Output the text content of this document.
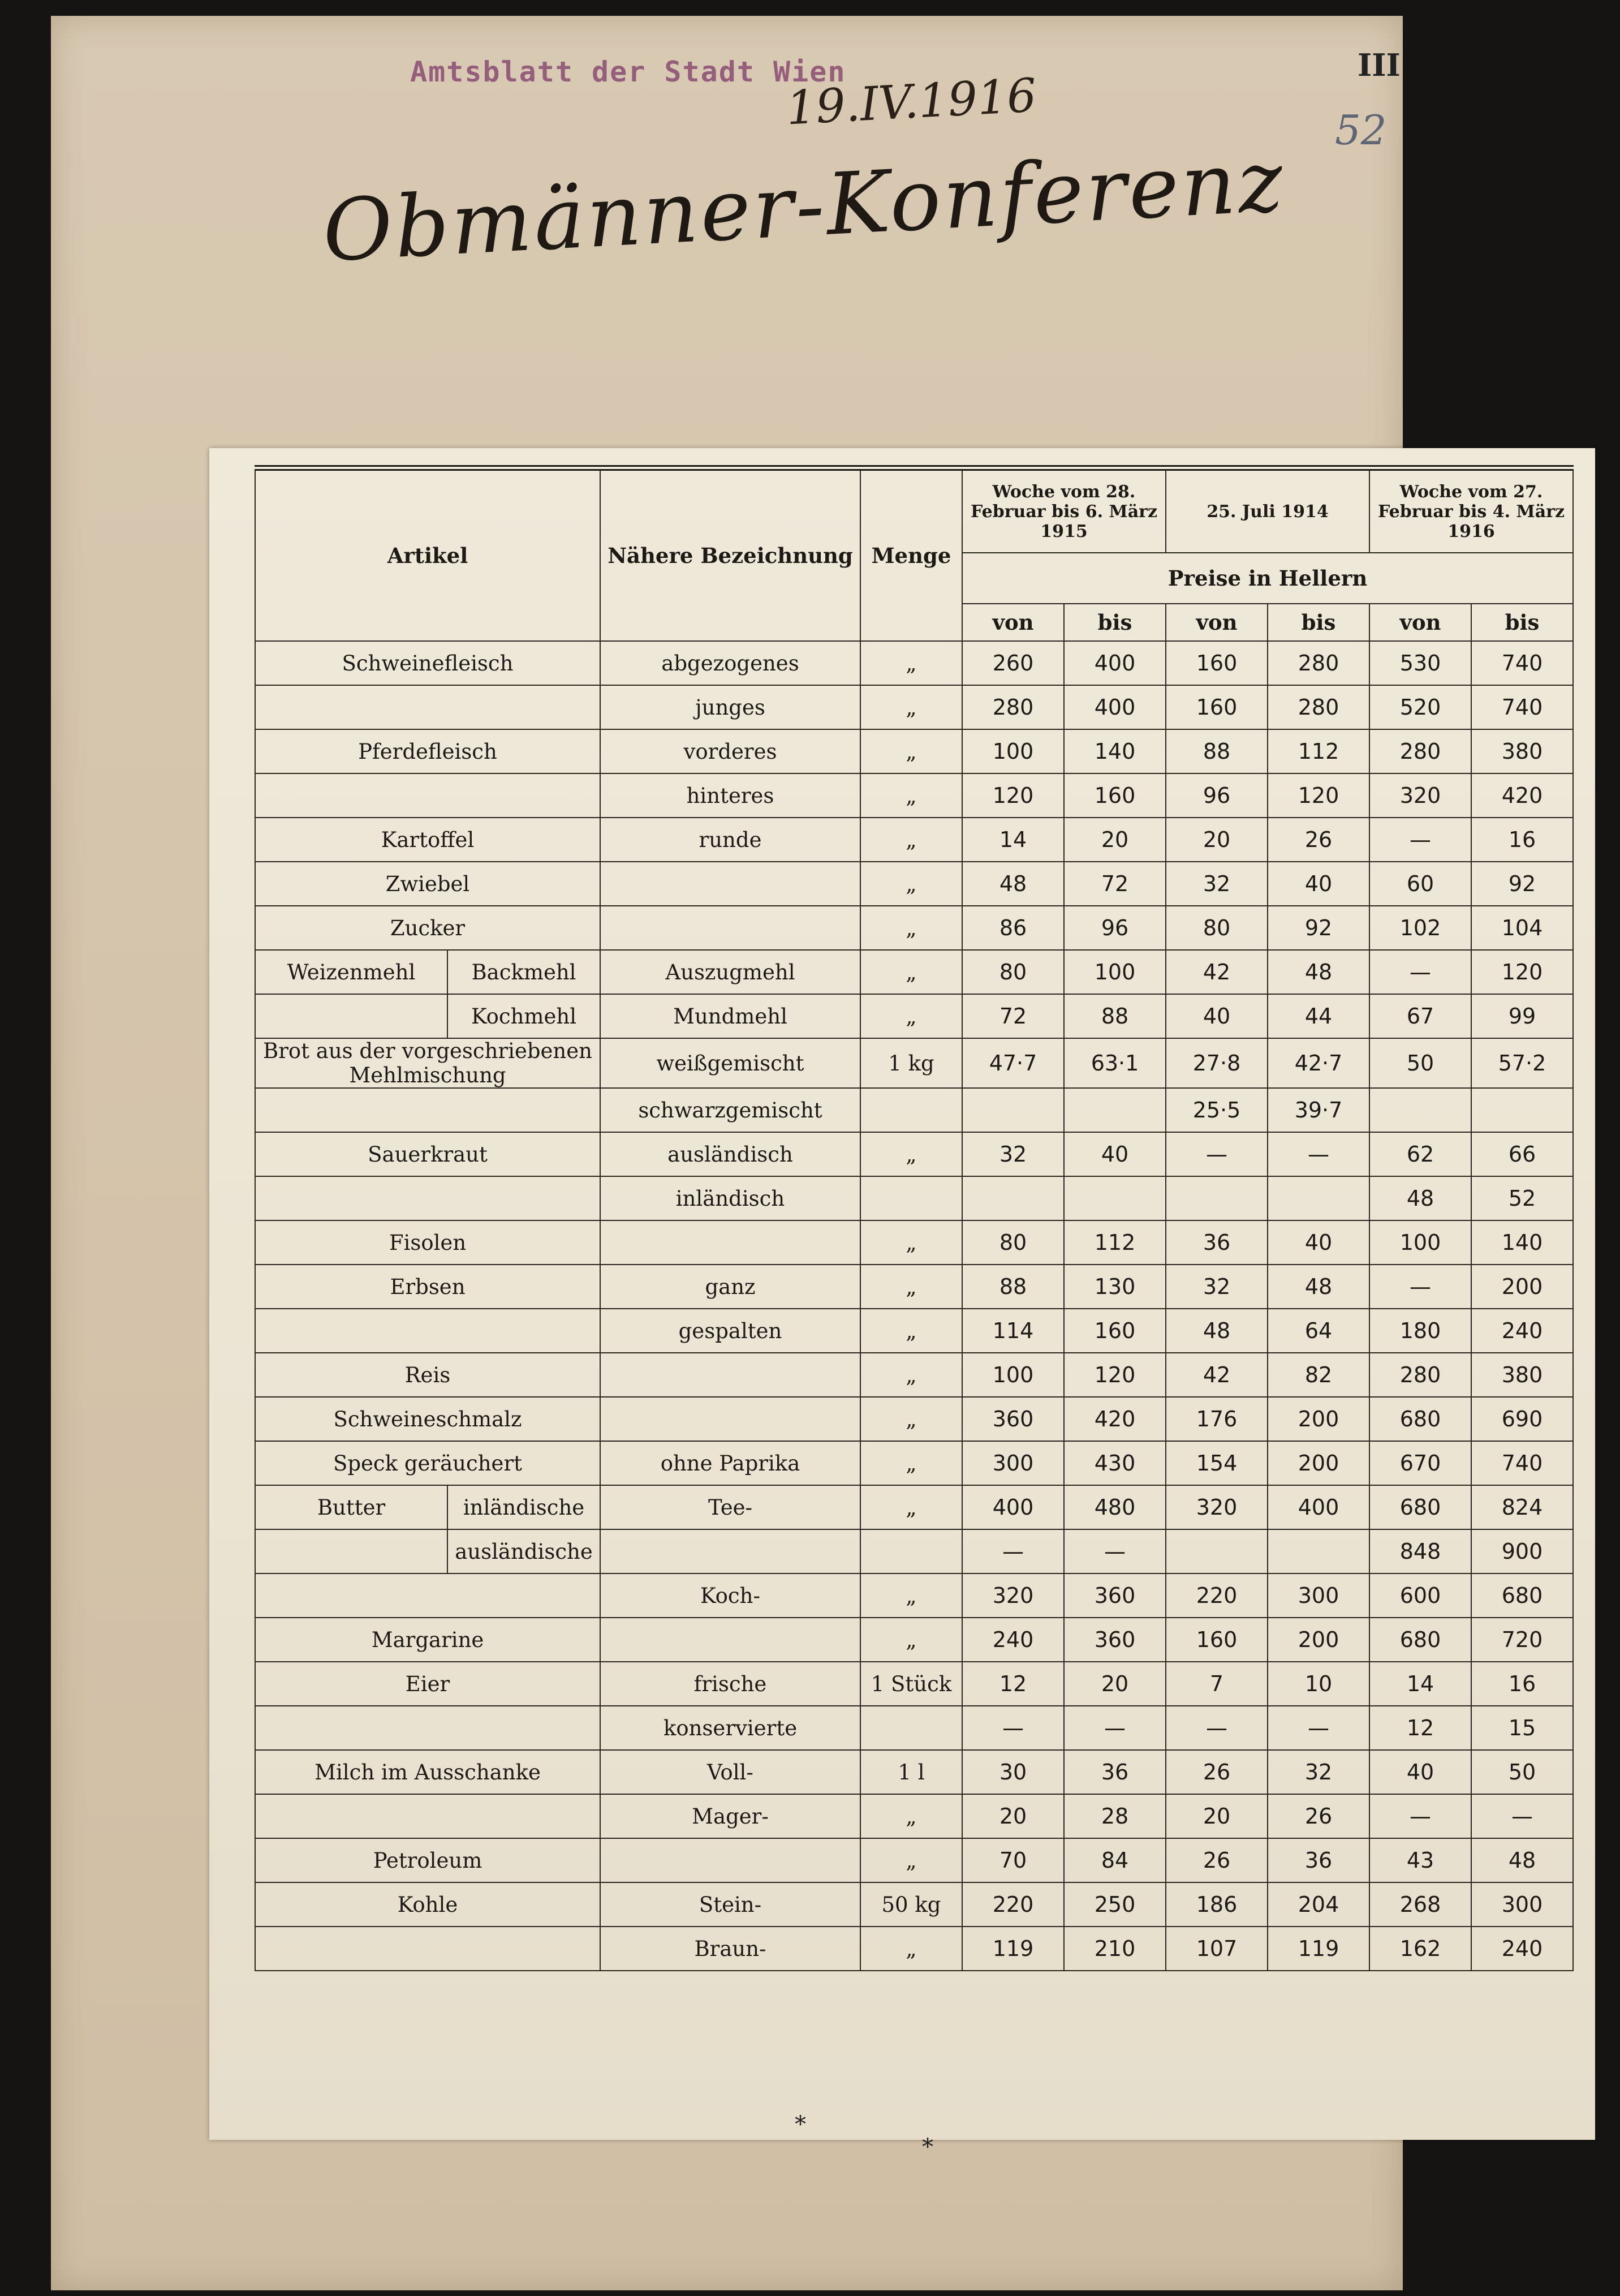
Amtsblatt der Stadt Wien
19.IV.1916
III
52
Obmänner-Konferenz
Artikel		Nähere Bezeichnung	Menge	Woche vom 28. Februar bis 6. März 1915		25. Juli 1914		Woche vom 27. Februar bis 4. März 1916	
				Preise in Hellern					
				von	bis	von	bis	von	bis
Schweinefleisch		abgezogenes	„	260	400	160	280	530	740
		junges	„	280	400	160	280	520	740
Pferdefleisch		vorderes	„	100	140	88	112	280	380
		hinteres	„	120	160	96	120	320	420
Kartoffel		runde	„	14	20	20	26	—	16
Zwiebel			„	48	72	32	40	60	92
Zucker			„	86	96	80	92	102	104
Weizenmehl	Backmehl	Auszugmehl	„	80	100	42	48	—	120
	Kochmehl	Mundmehl	„	72	88	40	44	67	99
Brot aus der vorgeschriebenen Mehlmischung		weißgemischt	1 kg	47·7	63·1	27·8	42·7	50	57·2
		schwarzgemischt				25·5	39·7		
Sauerkraut		ausländisch	„	32	40	—	—	62	66
		inländisch						48	52
Fisolen			„	80	112	36	40	100	140
Erbsen		ganz	„	88	130	32	48	—	200
		gespalten	„	114	160	48	64	180	240
Reis			„	100	120	42	82	280	380
Schweineschmalz			„	360	420	176	200	680	690
Speck geräuchert		ohne Paprika	„	300	430	154	200	670	740
Butter	inländische	Tee-	„	400	480	320	400	680	824
	ausländische			—	—			848	900
		Koch-	„	320	360	220	300	600	680
Margarine			„	240	360	160	200	680	720
Eier		frische	1 Stück	12	20	7	10	14	16
		konservierte		—	—	—	—	12	15
Milch im Ausschanke		Voll-	1 l	30	36	26	32	40	50
		Mager-	„	20	28	20	26	—	—
Petroleum			„	70	84	26	36	43	48
Kohle		Stein-	50 kg	220	250	186	204	268	300
		Braun-	„	119	210	107	119	162	240
*
*
